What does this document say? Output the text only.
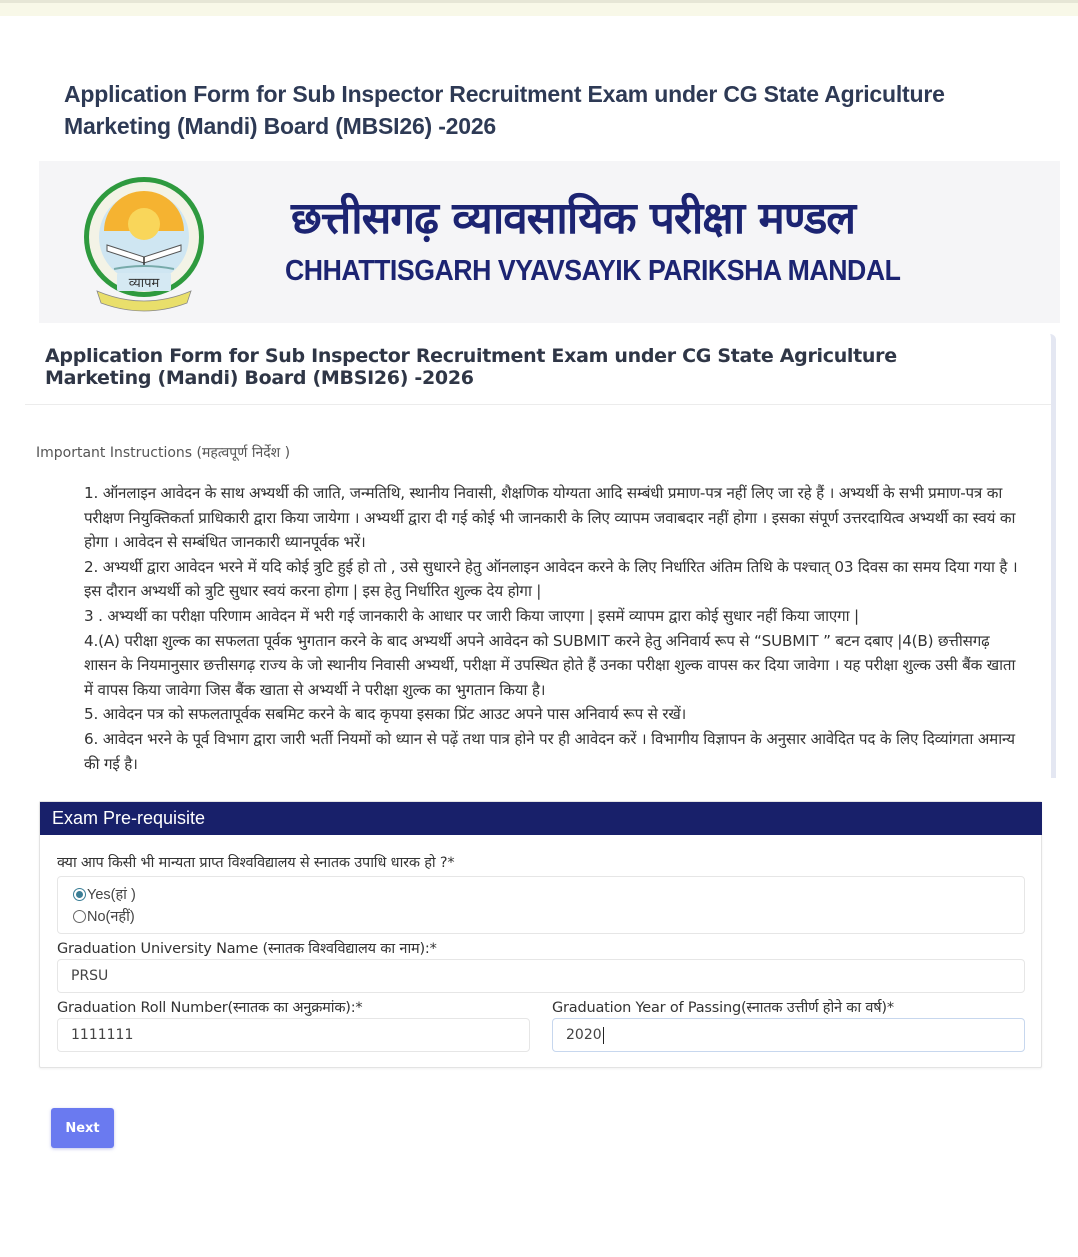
Application Form for Sub Inspector Recruitment Exam under CG State Agriculture Marketing (Mandi) Board (MBSI26) -2026
व्यापम
छत्तीसगढ़ व्यावसायिक परीक्षा मण्डल
CHHATTISGARH VYAVSAYIK PARIKSHA MANDAL
Application Form for Sub Inspector Recruitment Exam under CG State Agriculture Marketing (Mandi) Board (MBSI26) -2026
Important Instructions (महत्वपूर्ण निर्देश )

1. ऑनलाइन आवेदन के साथ अभ्यर्थी की जाति, जन्मतिथि, स्थानीय निवासी, शैक्षणिक योग्यता आदि सम्बंधी प्रमाण-पत्र नहीं लिए जा रहे हैं । अभ्यर्थी के सभी प्रमाण-पत्र का परीक्षण नियुक्तिकर्ता प्राधिकारी द्वारा किया जायेगा । अभ्यर्थी द्वारा दी गई कोई भी जानकारी के लिए व्यापम जवाबदार नहीं होगा । इसका संपूर्ण उत्तरदायित्व अभ्यर्थी का स्वयं का होगा । आवेदन से सम्बंधित जानकारी ध्यानपूर्वक भरें।

2. अभ्यर्थी द्वारा आवेदन भरने में यदि कोई त्रुटि हुई हो तो , उसे सुधारने हेतु ऑनलाइन आवेदन करने के लिए निर्धारित अंतिम तिथि के पश्चात् 03 दिवस का समय दिया गया है । इस दौरान अभ्यर्थी को त्रुटि सुधार स्वयं करना होगा | इस हेतु निर्धारित शुल्क देय होगा |

3 . अभ्यर्थी का परीक्षा परिणाम आवेदन में भरी गई जानकारी के आधार पर जारी किया जाएगा | इसमें व्यापम द्वारा कोई सुधार नहीं किया जाएगा |

4.(A) परीक्षा शुल्क का सफलता पूर्वक भुगतान करने के बाद अभ्यर्थी अपने आवेदन को SUBMIT करने हेतु अनिवार्य रूप से “SUBMIT ” बटन दबाए |4(B) छत्तीसगढ़ शासन के नियमानुसार छत्तीसगढ़ राज्य के जो स्थानीय निवासी अभ्यर्थी, परीक्षा में उपस्थित होते हैं उनका परीक्षा शुल्क वापस कर दिया जावेगा । यह परीक्षा शुल्क उसी बैंक खाता में वापस किया जावेगा जिस बैंक खाता से अभ्यर्थी ने परीक्षा शुल्क का भुगतान किया है।

5. आवेदन पत्र को सफलतापूर्वक सबमिट करने के बाद कृपया इसका प्रिंट आउट अपने पास अनिवार्य रूप से रखें।

6. आवेदन भरने के पूर्व विभाग द्वारा जारी भर्ती नियमों को ध्यान से पढ़ें तथा पात्र होने पर ही आवेदन करें । विभागीय विज्ञापन के अनुसार आवेदित पद के लिए दिव्यांगता अमान्य की गई है।

Exam Pre-requisite
क्या आप किसी भी मान्यता प्राप्त विश्वविद्यालय से स्नातक उपाधि धारक हो ?*
Yes(हां )
No(नहीं)
Graduation University Name (स्नातक विश्वविद्यालय का नाम):*
PRSU
Graduation Roll Number(स्नातक का अनुक्रमांक):*
1111111
Graduation Year of Passing(स्नातक उत्तीर्ण होने का वर्ष)*
2020
Next
